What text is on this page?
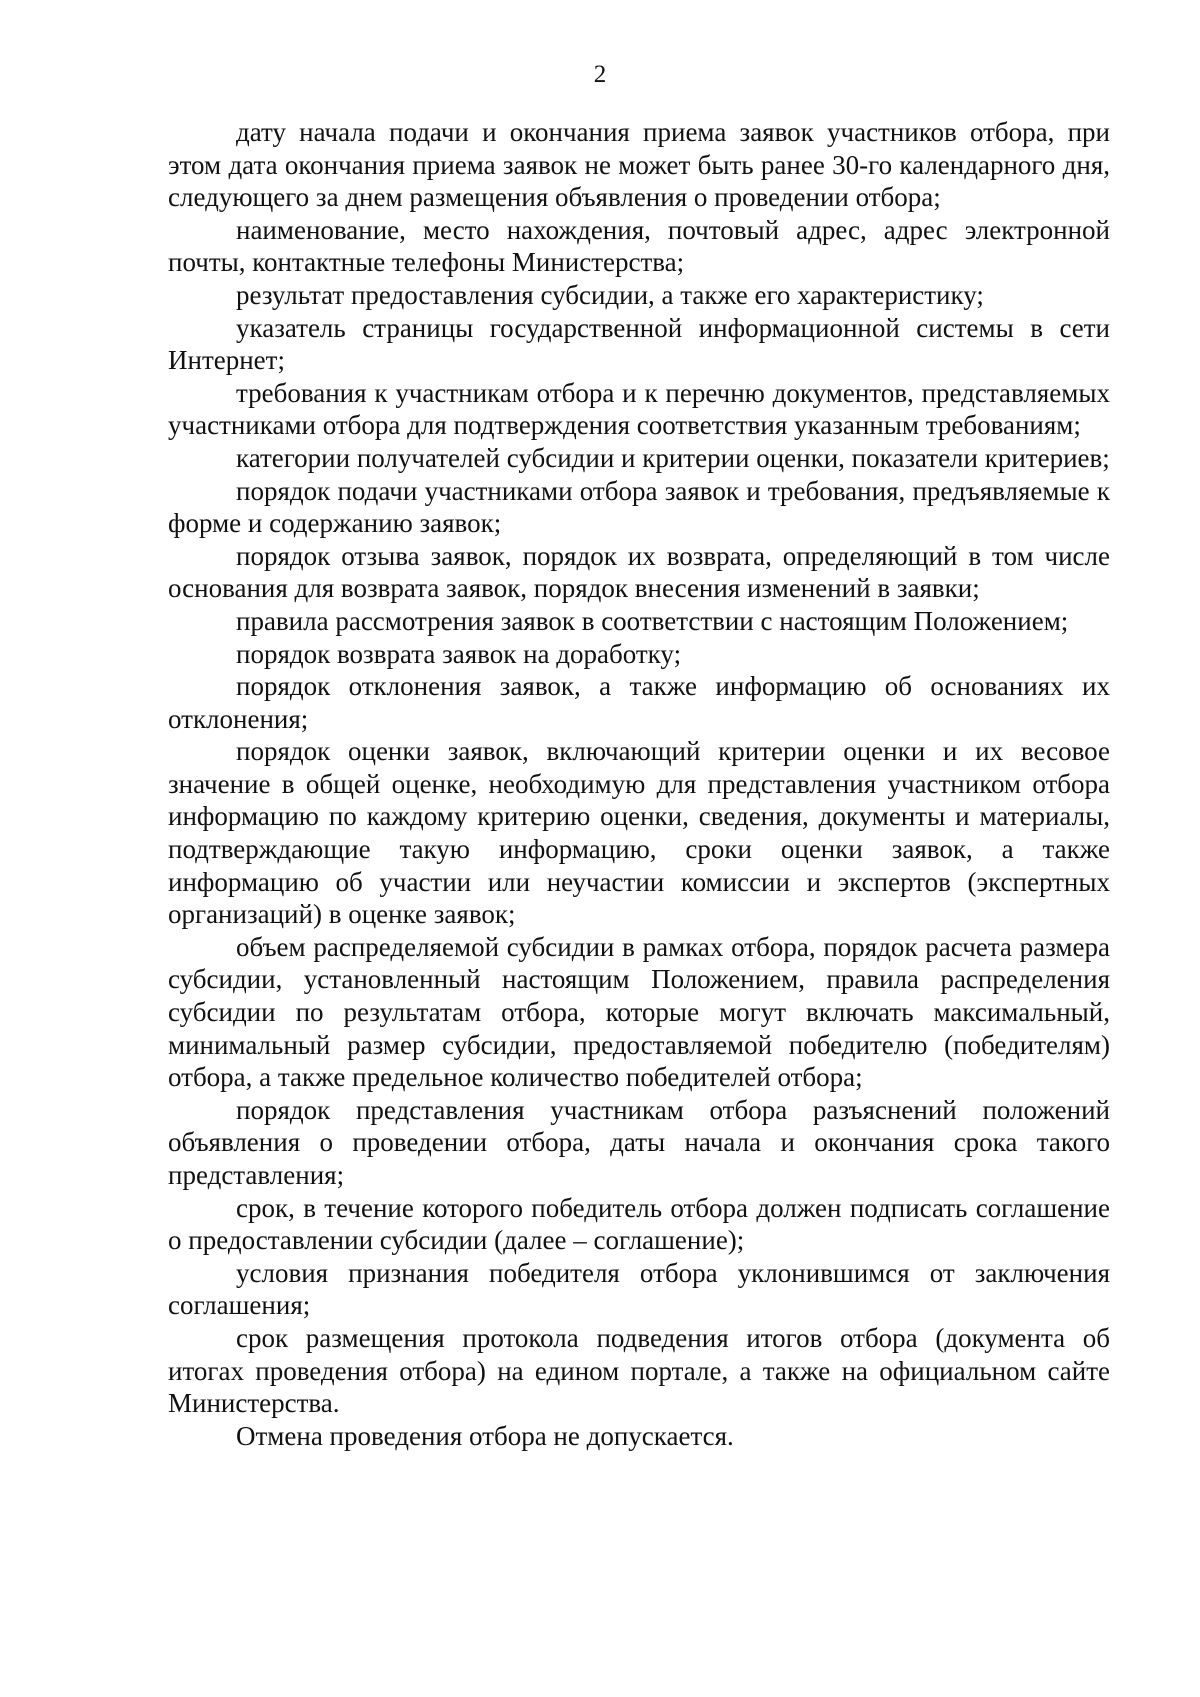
2

дату начала подачи и окончания приема заявок участников отбора, при этом дата окончания приема заявок не может быть ранее 30-го календарного дня, следующего за днем размещения объявления о проведении отбора;

наименование, место нахождения, почтовый адрес, адрес электронной почты, контактные телефоны Министерства;

результат предоставления субсидии, а также его характеристику;

указатель страницы государственной информационной системы в сети Интернет;

требования к участникам отбора и к перечню документов, представляемых участниками отбора для подтверждения соответствия указанным требованиям;

категории получателей субсидии и критерии оценки, показатели критериев;

порядок подачи участниками отбора заявок и требования, предъявляемые к форме и содержанию заявок;

порядок отзыва заявок, порядок их возврата, определяющий в том числе основания для возврата заявок, порядок внесения изменений в заявки;

правила рассмотрения заявок в соответствии с настоящим Положением;

порядок возврата заявок на доработку;

порядок отклонения заявок, а также информацию об основаниях их отклонения;

порядок оценки заявок, включающий критерии оценки и их весовое значение в общей оценке, необходимую для представления участником отбора информацию по каждому критерию оценки, сведения, документы и материалы, подтверждающие такую информацию, сроки оценки заявок, а также информацию об участии или неучастии комиссии и экспертов (экспертных организаций) в оценке заявок;

объем распределяемой субсидии в рамках отбора, порядок расчета размера субсидии, установленный настоящим Положением, правила распределения субсидии по результатам отбора, которые могут включать максимальный, минимальный размер субсидии, предоставляемой победителю (победителям) отбора, а также предельное количество победителей отбора;

порядок представления участникам отбора разъяснений положений объявления о проведении отбора, даты начала и окончания срока такого представления;

срок, в течение которого победитель отбора должен подписать соглашение о предоставлении субсидии (далее – соглашение);

условия признания победителя отбора уклонившимся от заключения соглашения;

срок размещения протокола подведения итогов отбора (документа об итогах проведения отбора) на едином портале, а также на официальном сайте Министерства.

Отмена проведения отбора не допускается.
